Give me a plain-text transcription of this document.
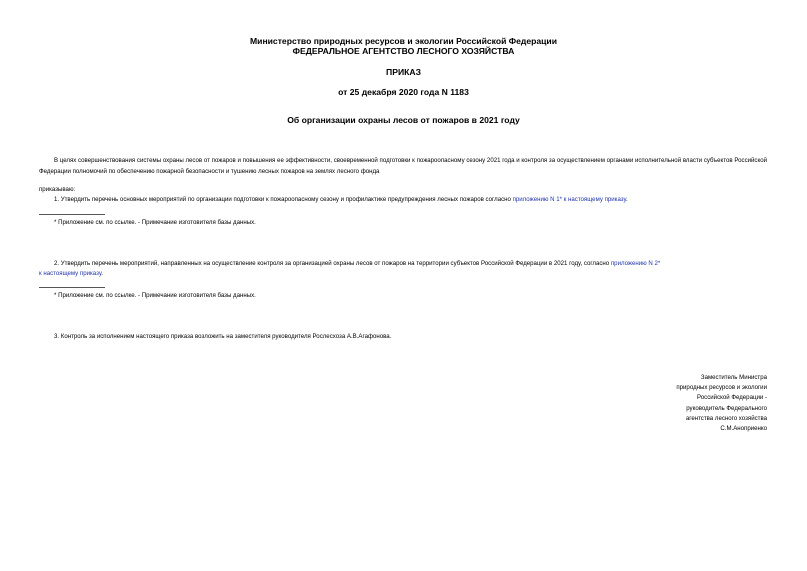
Министерство природных ресурсов и экологии Российской Федерации
ФЕДЕРАЛЬНОЕ АГЕНТСТВО ЛЕСНОГО ХОЗЯЙСТВА
ПРИКАЗ
от 25 декабря 2020 года N 1183
Об организации охраны лесов от пожаров в 2021 году
В целях совершенствования системы охраны лесов от пожаров и повышения ее эффективности, своевременной подготовки к пожароопасному сезону 2021 года и контроля за осуществлением органами исполнительной власти субъектов Российской Федерации полномочий по обеспечению пожарной безопасности и тушению лесных пожаров на землях лесного фонда
приказываю:
1. Утвердить перечень основных мероприятий по организации подготовки к пожароопасному сезону и профилактике предупреждения лесных пожаров согласно приложению N 1* к настоящему приказу.
* Приложение см. по ссылке. - Примечание изготовителя базы данных.
2. Утвердить перечень мероприятий, направленных на осуществление контроля за организацией охраны лесов от пожаров на территории субъектов Российской Федерации в 2021 году, согласно приложению N 2*
к настоящему приказу.
* Приложение см. по ссылке. - Примечание изготовителя базы данных.
3. Контроль за исполнением настоящего приказа возложить на заместителя руководителя Рослесхоза А.В.Агафонова.
Заместитель Министра
природных ресурсов и экологии
Российской Федерации -
руководитель Федерального
агентства лесного хозяйства
С.М.Аноприенко
